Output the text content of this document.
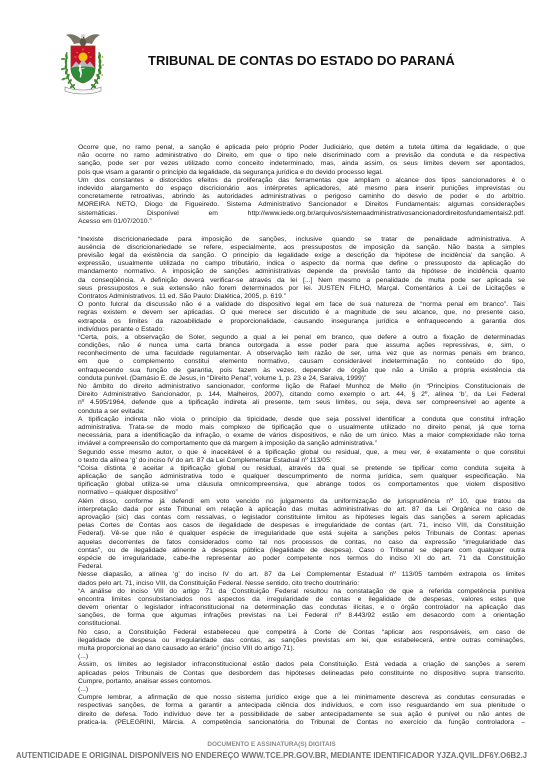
TRIBUNAL DE CONTAS DO ESTADO DO PARANÁ
Ocorre que, no ramo penal, a sanção é aplicada pelo próprio Poder Judiciário, que detém a tutela última da legalidade, o que
não ocorre no ramo administrativo do Direito, em que o tipo nele discriminado com a previsão da conduta e da respectiva
sanção, pode ser por vezes utilizado como conceito indeterminado, mas, ainda assim, os seus limites devem ser apontados,
pois que visam a garantir o princípio da legalidade, da segurança jurídica e do devido processo legal.
Um dos constantes e distorcidos efeitos da proliferação das ferramentas que ampliam o alcance dos tipos sancionadores é o
indevido alargamento do espaço discricionário aos intérpretes aplicadores, até mesmo para inserir punições imprevistas ou
concretamente retroativas, abrindo às autoridades administrativas o perigoso caminho do desvio de poder e do arbítrio.
MOREIRA NETO, Diogo de Figueiredo. Sistema Administrativo Sancionador e Direitos Fundamentais: algumas considerações
sistemáticas. Disponível em http://www.iede.org.br/arquivos/sistemaadministrativosancionadordireitosfundamentais2.pdf.
Acesso em 01/07/2010.”
“Inexiste discricionariedade para imposição de sanções, inclusive quando se tratar de penalidade administrativa. A
ausência de discricionariedade se refere, especialmente, aos pressupostos de imposição da sanção. Não basta a simples
previsão legal da existência da sanção. O princípio da legalidade exige a descrição da ‘hipótese de incidência’ da sanção. A
expressão, usualmente utilizada no campo tributário, indica o aspecto da norma que define o pressuposto da aplicação do
mandamento normativo. A imposição de sanções administrativas depende da previsão tanto da hipótese de incidência quanto
da conseqüência. A definição deverá verificar-se através da lei [...] Nem mesmo a penalidade de multa pode ser aplicada se
seus pressupostos e sua extensão não forem determinados por lei. JUSTEN FILHO, Marçal. Comentários à Lei de Licitações e
Contratos Administrativos. 11 ed. São Paulo: Dialética, 2005, p. 619.”
O ponto fulcral da discussão não é a validade do dispositivo legal em face de sua natureza de “norma penal em branco”. Tais
regras existem e devem ser aplicadas. O que merece ser discutido é a magnitude de seu alcance, que, no presente caso,
extrapola os limites da razoabilidade e proporcionalidade, causando insegurança jurídica e enfraquecendo a garantia dos
indivíduos perante o Estado:
“Certa, pois, a observação de Soler, segundo a qual a lei penal em branco, que defere a outro a fixação de determinadas
condições, não é nunca uma carta branca outorgada a esse poder para que assuma ações repressivas, e, sim, o
reconhecimento de uma faculdade regulamentar. A observação tem razão de ser, uma vez que as normas penais em branco,
em que o complemento constitui elemento normativo, causam considerável indeterminação no conteúdo do tipo,
enfraquecendo sua função de garantia, pois fazem às vezes, depender de órgão que não a União a própria existência da
conduta punível. (Damásio E. de Jesus, in “Direito Penal”, volume 1, p. 23 e 24, Saraiva, 1999)”
No âmbito do direito administrativo sancionador, conforme lição de Rafael Munhoz de Mello (in “Princípios Constitucionais de
Direito Administrativo Sancionador, p. 144, Malheiros, 2007), citando como exemplo o art. 44, § 2º, alínea ‘b’, da Lei Federal
nº 4.595/1964, defende que a tipificação indireta ali presente, tem seus limites, ou seja, deva ser compreensível ao agente a
conduta a ser evitada:
A tipificação indireta não viola o princípio da tipicidade, desde que seja possível identificar a conduta que constitui infração
administrativa. Trata-se de modo mais complexo de tipificação que o usualmente utilizado no direito penal, já que torna
necessária, para a identificação da infração, o exame de vários dispositivos, e não de um único. Mas a maior complexidade não torna
inviável a compreensão do comportamento que dá margem à imposição da sanção administrativa.”
Segundo esse mesmo autor, o que é inaceitável é a tipificação global ou residual, que, a meu ver, é exatamente o que constitui
o texto da alínea ‘g’ do inciso IV do art. 87 da Lei Complementar Estadual nº 113/05:
“Coisa distinta é aceitar a tipificação global ou residual, através da qual se pretende se tipificar como conduta sujeita à
aplicação de sanção administrativa todo e qualquer descumprimento de norma jurídica, sem qualquer especificação. Na
tipificação global utiliza-se uma cláusula omnicompreensiva, que abrange todos os comportamentos que violem dispositivo
normativo – qualquer dispositivo”
Além disso, conforme já defendi em voto vencido no julgamento da uniformização de jurisprudência nº 10, que tratou da
interpretação dada por este Tribunal em relação à aplicação das multas administrativas do art. 87 da Lei Orgânica no caso de
aprovação (sic) das contas com ressalvas, o legislador constituinte limitou as hipóteses legais das sanções a serem aplicadas
pelas Cortes de Contas aos casos de ilegalidade de despesas e irregularidade de contas (art. 71, inciso VIII, da Constituição
Federal). Vê-se que não é qualquer espécie de irregularidade que está sujeita a sanções pelos Tribunais de Contas: apenas
aquelas decorrentes de fatos considerados como tal nos processos de contas, no caso da expressão “irregularidade das
contas”, ou de ilegalidade atinente à despesa pública (ilegalidade de despesa). Caso o Tribunal se depare com qualquer outra
espécie de irregularidade, cabe-lhe representar ao poder competente nos termos do inciso XI do art. 71 da Constituição
Federal.
Nesse diapasão, a alínea ‘g’ do inciso IV do art. 87 da Lei Complementar Estadual nº 113/05 também extrapola os limites
dados pelo art. 71, inciso VIII, da Constituição Federal. Nesse sentido, cito trecho doutrinário:
“A análise do inciso VIII do artigo 71 da Constituição Federal resultou na constatação de que a referida competência punitiva
encontra limites consubstanciados nos aspectos da irregularidade de contas e ilegalidade de despesas, valores estes que
devem orientar o legislador infraconstitucional na determinação das condutas ilícitas, e o órgão controlador na aplicação das
sanções, de forma que algumas infrações previstas na Lei Federal nº 8.443/92 estão em desacordo com a orientação
constitucional.
No caso, a Constituição Federal estabeleceu que competirá à Corte de Contas “aplicar aos responsáveis, em caso de
ilegalidade de despesa ou irregularidade das contas, as sanções previstas em lei, que estabelecerá, entre outras cominações,
multa proporcional ao dano causado ao erário” (inciso VIII do artigo 71).
(...)
Assim, os limites ao legislador infraconstitucional estão dados pela Constituição. Está vedada a criação de sanções a serem
aplicadas pelos Tribunais de Contas que desbordem das hipóteses delineadas pelo constituinte no dispositivo supra transcrito.
Cumpre, portanto, analisar esses contornos.
(...)
Cumpre lembrar, a afirmação de que nosso sistema jurídico exige que a lei minimamente descreva as condutas censuradas e
respectivas sanções, de forma a garantir a antecipada ciência dos indivíduos, e com isso resguardando em sua plenitude o
direito de defesa. Todo indivíduo deve ter a possibilidade de saber antecipadamente se sua ação é punível ou não antes de
pratica-la. (PELEGRINI, Márcia. A competência sancionatória do Tribunal de Contas no exercício da função controladora –
DOCUMENTO E ASSINATURA(S) DIGITAIS
AUTENTICIDADE E ORIGINAL DISPONÍVEIS NO ENDEREÇO WWW.TCE.PR.GOV.BR, MEDIANTE IDENTIFICADOR YJZA.QVIL.DF6Y.O6B2.J
